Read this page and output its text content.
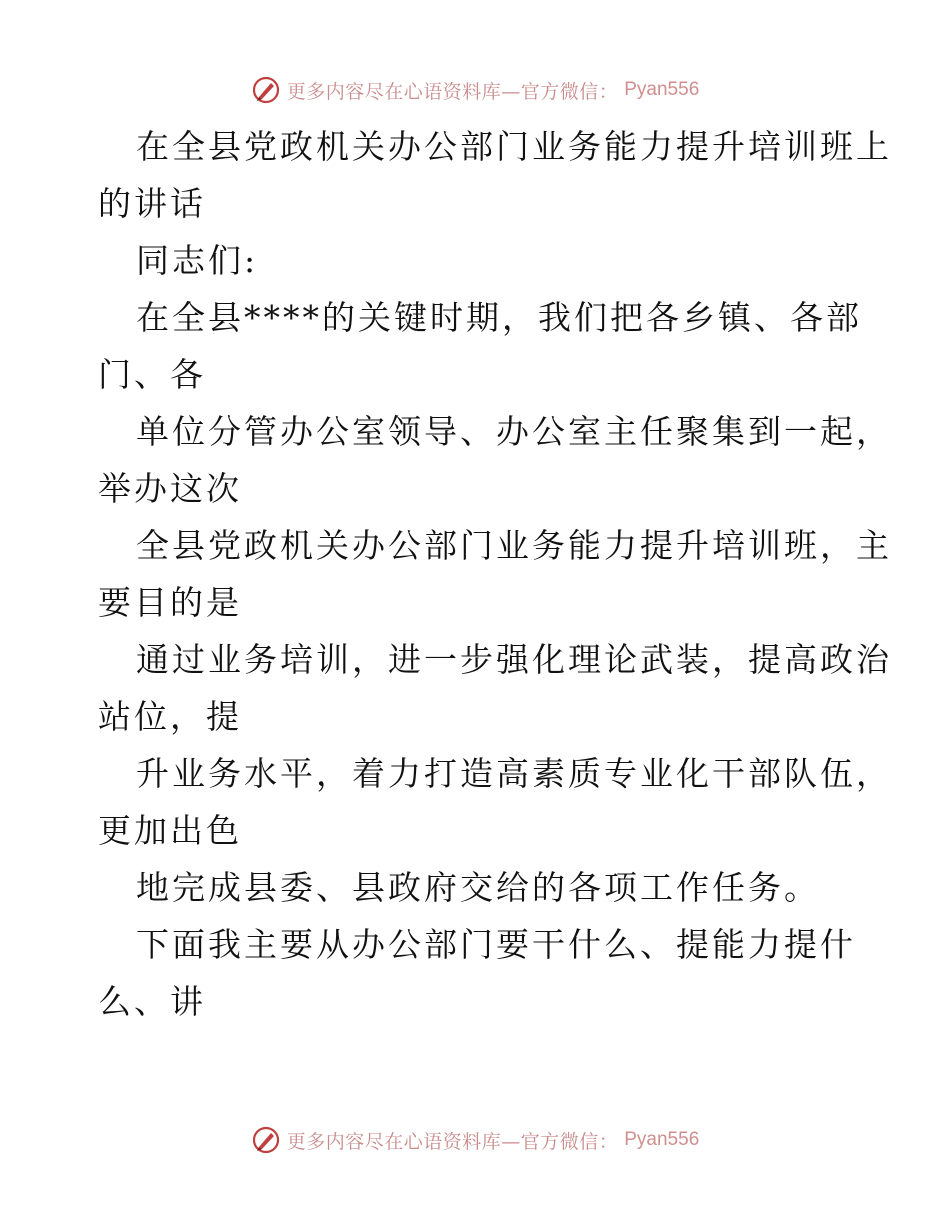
更多内容尽在心语资料库—官方微信： Pyan556
在全县党政机关办公部门业务能力提升培训班上
的讲话
同志们:
在全县****的关键时期，我们把各乡镇、各部
门、各
单位分管办公室领导、办公室主任聚集到一起，
举办这次
全县党政机关办公部门业务能力提升培训班，主
要目的是
通过业务培训，进一步强化理论武装，提高政治
站位，提
升业务水平，着力打造高素质专业化干部队伍，
更加出色
地完成县委、县政府交给的各项工作任务。
下面我主要从办公部门要干什么、提能力提什
么、讲
更多内容尽在心语资料库—官方微信： Pyan556
